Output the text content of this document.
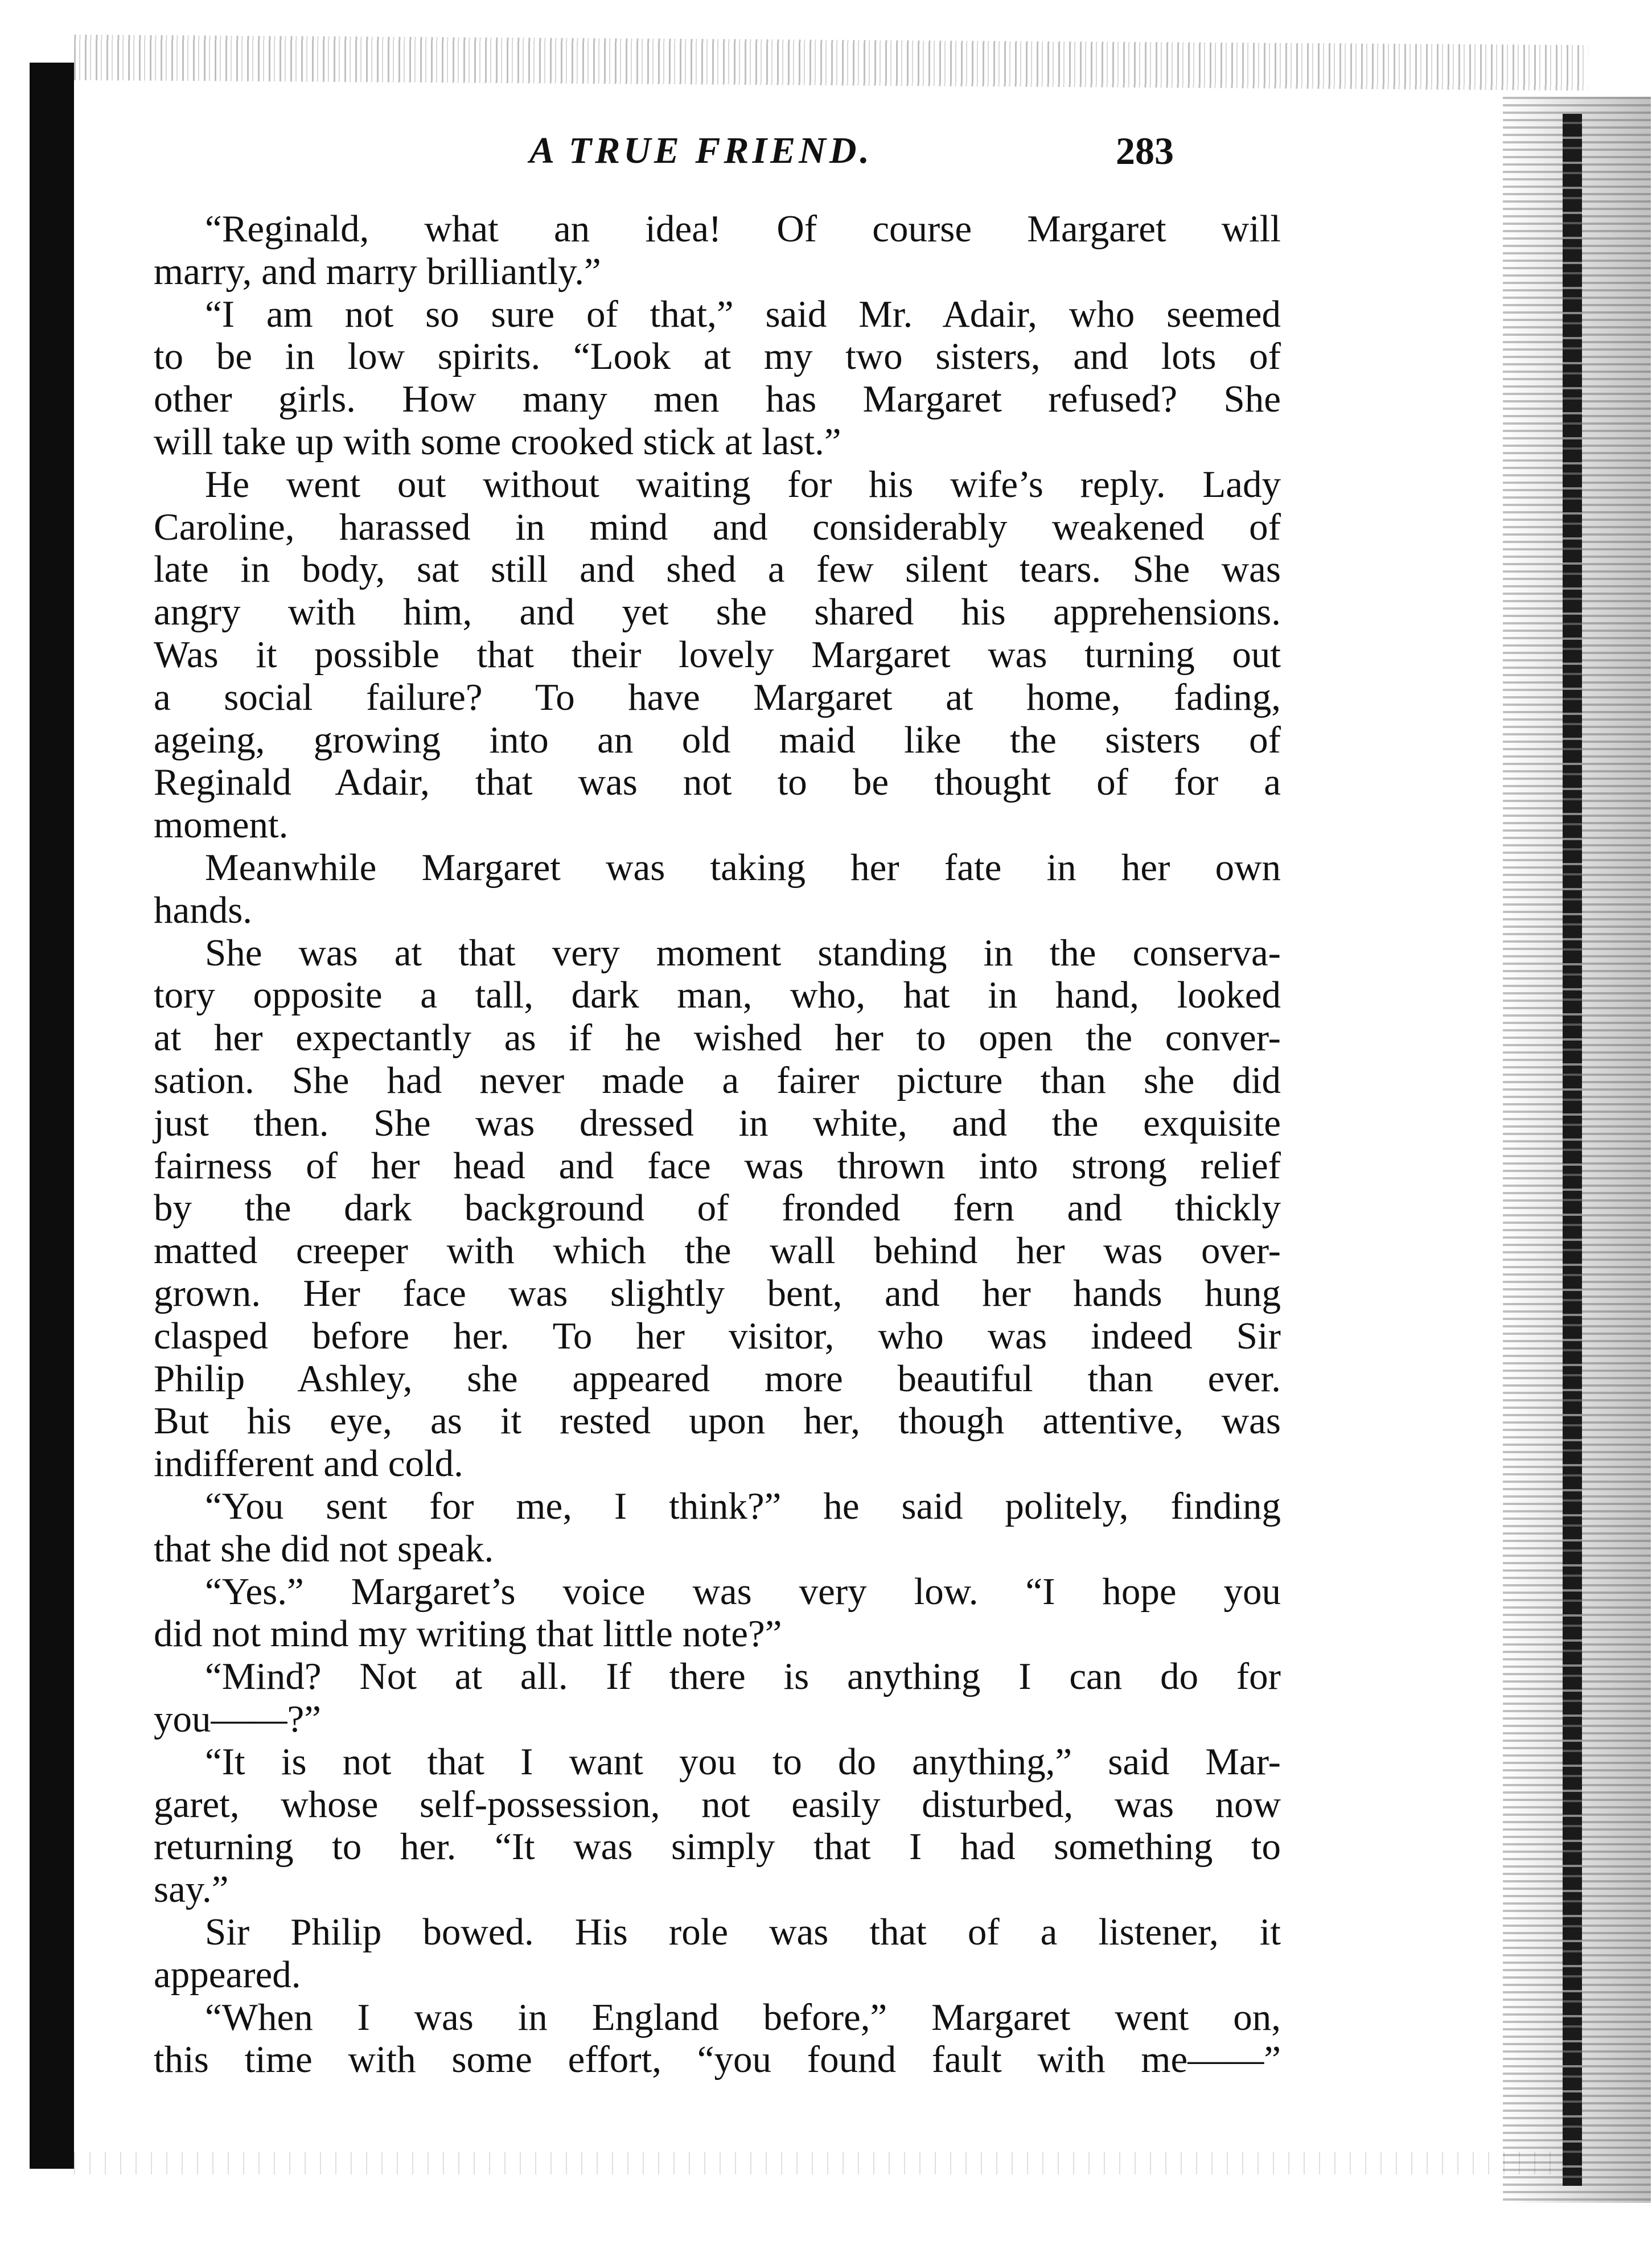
A TRUE FRIEND.	283
“Reginald, what an idea! Of course Margaret will
marry, and marry brilliantly.”
“I am not so sure of that,” said Mr. Adair, who seemed
to be in low spirits. “Look at my two sisters, and lots of
other girls. How many men has Margaret refused? She
will take up with some crooked stick at last.”
He went out without waiting for his wife’s reply. Lady
Caroline, harassed in mind and considerably weakened of
late in body, sat still and shed a few silent tears. She was
angry with him, and yet she shared his apprehensions.
Was it possible that their lovely Margaret was turning out
a social failure? To have Margaret at home, fading,
ageing, growing into an old maid like the sisters of
Reginald Adair, that was not to be thought of for a
moment.
Meanwhile Margaret was taking her fate in her own
hands.
She was at that very moment standing in the conserva-
tory opposite a tall, dark man, who, hat in hand, looked
at her expectantly as if he wished her to open the conver-
sation. She had never made a fairer picture than she did
just then. She was dressed in white, and the exquisite
fairness of her head and face was thrown into strong relief
by the dark background of fronded fern and thickly
matted creeper with which the wall behind her was over-
grown. Her face was slightly bent, and her hands hung
clasped before her. To her visitor, who was indeed Sir
Philip Ashley, she appeared more beautiful than ever.
But his eye, as it rested upon her, though attentive, was
indifferent and cold.
“You sent for me, I think?” he said politely, finding
that she did not speak.
“Yes.” Margaret’s voice was very low. “I hope you
did not mind my writing that little note?”
“Mind? Not at all. If there is anything I can do for
you——?”
“It is not that I want you to do anything,” said Mar-
garet, whose self-possession, not easily disturbed, was now
returning to her. “It was simply that I had something to
say.”
Sir Philip bowed. His role was that of a listener, it
appeared.
“When I was in England before,” Margaret went on,
this time with some effort, “you found fault with me——”
